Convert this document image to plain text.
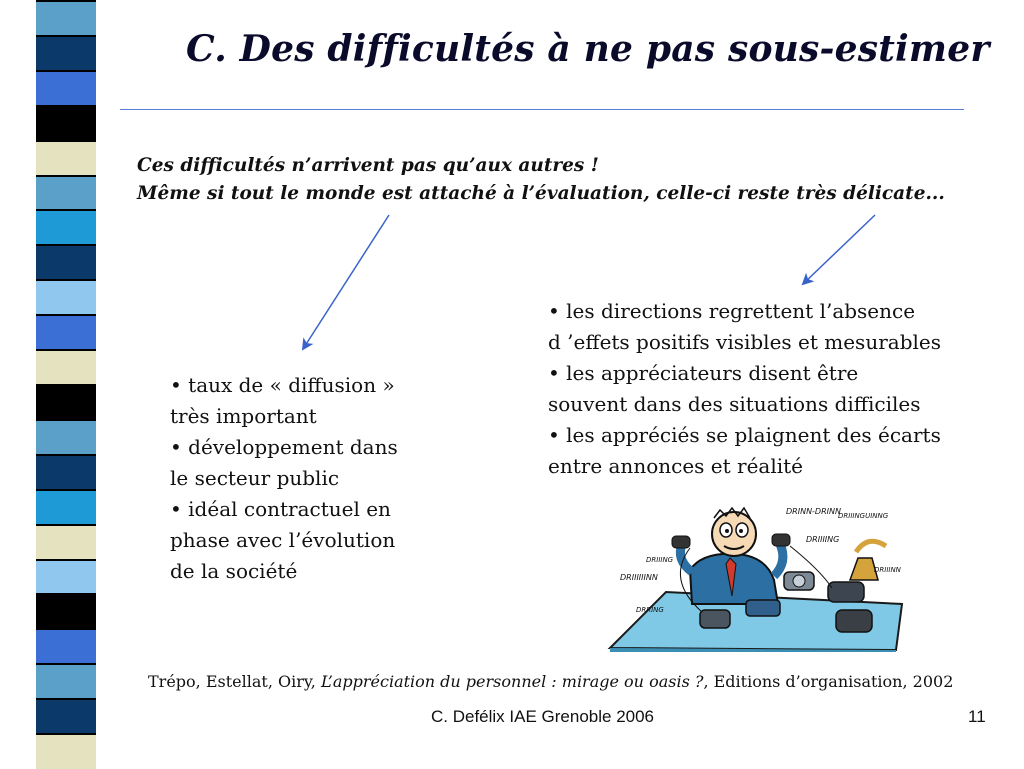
C. Des difficultés à ne pas sous-estimer
Ces difficultés n’arrivent pas qu’aux autres !
Même si tout le monde est attaché à l’évaluation, celle-ci reste très délicate...
• taux de « diffusion »
très important
• développement dans
le secteur public
• idéal contractuel en
phase avec l’évolution
de la société
• les directions regrettent l’absence
d ’effets positifs visibles et mesurables
• les appréciateurs disent être
souvent dans des situations difficiles
• les appréciés se plaignent des écarts
entre annonces et réalité
DRINN-DRINN
DRIIINGUINNG
DRIIIING
DRIIIIIINN
DRIIING
DRIIINN
DRRING
Trépo, Estellat, Oiry, L’appréciation du personnel : mirage ou oasis ?, Editions d’organisation, 2002
C. Defélix IAE Grenoble 2006	11
